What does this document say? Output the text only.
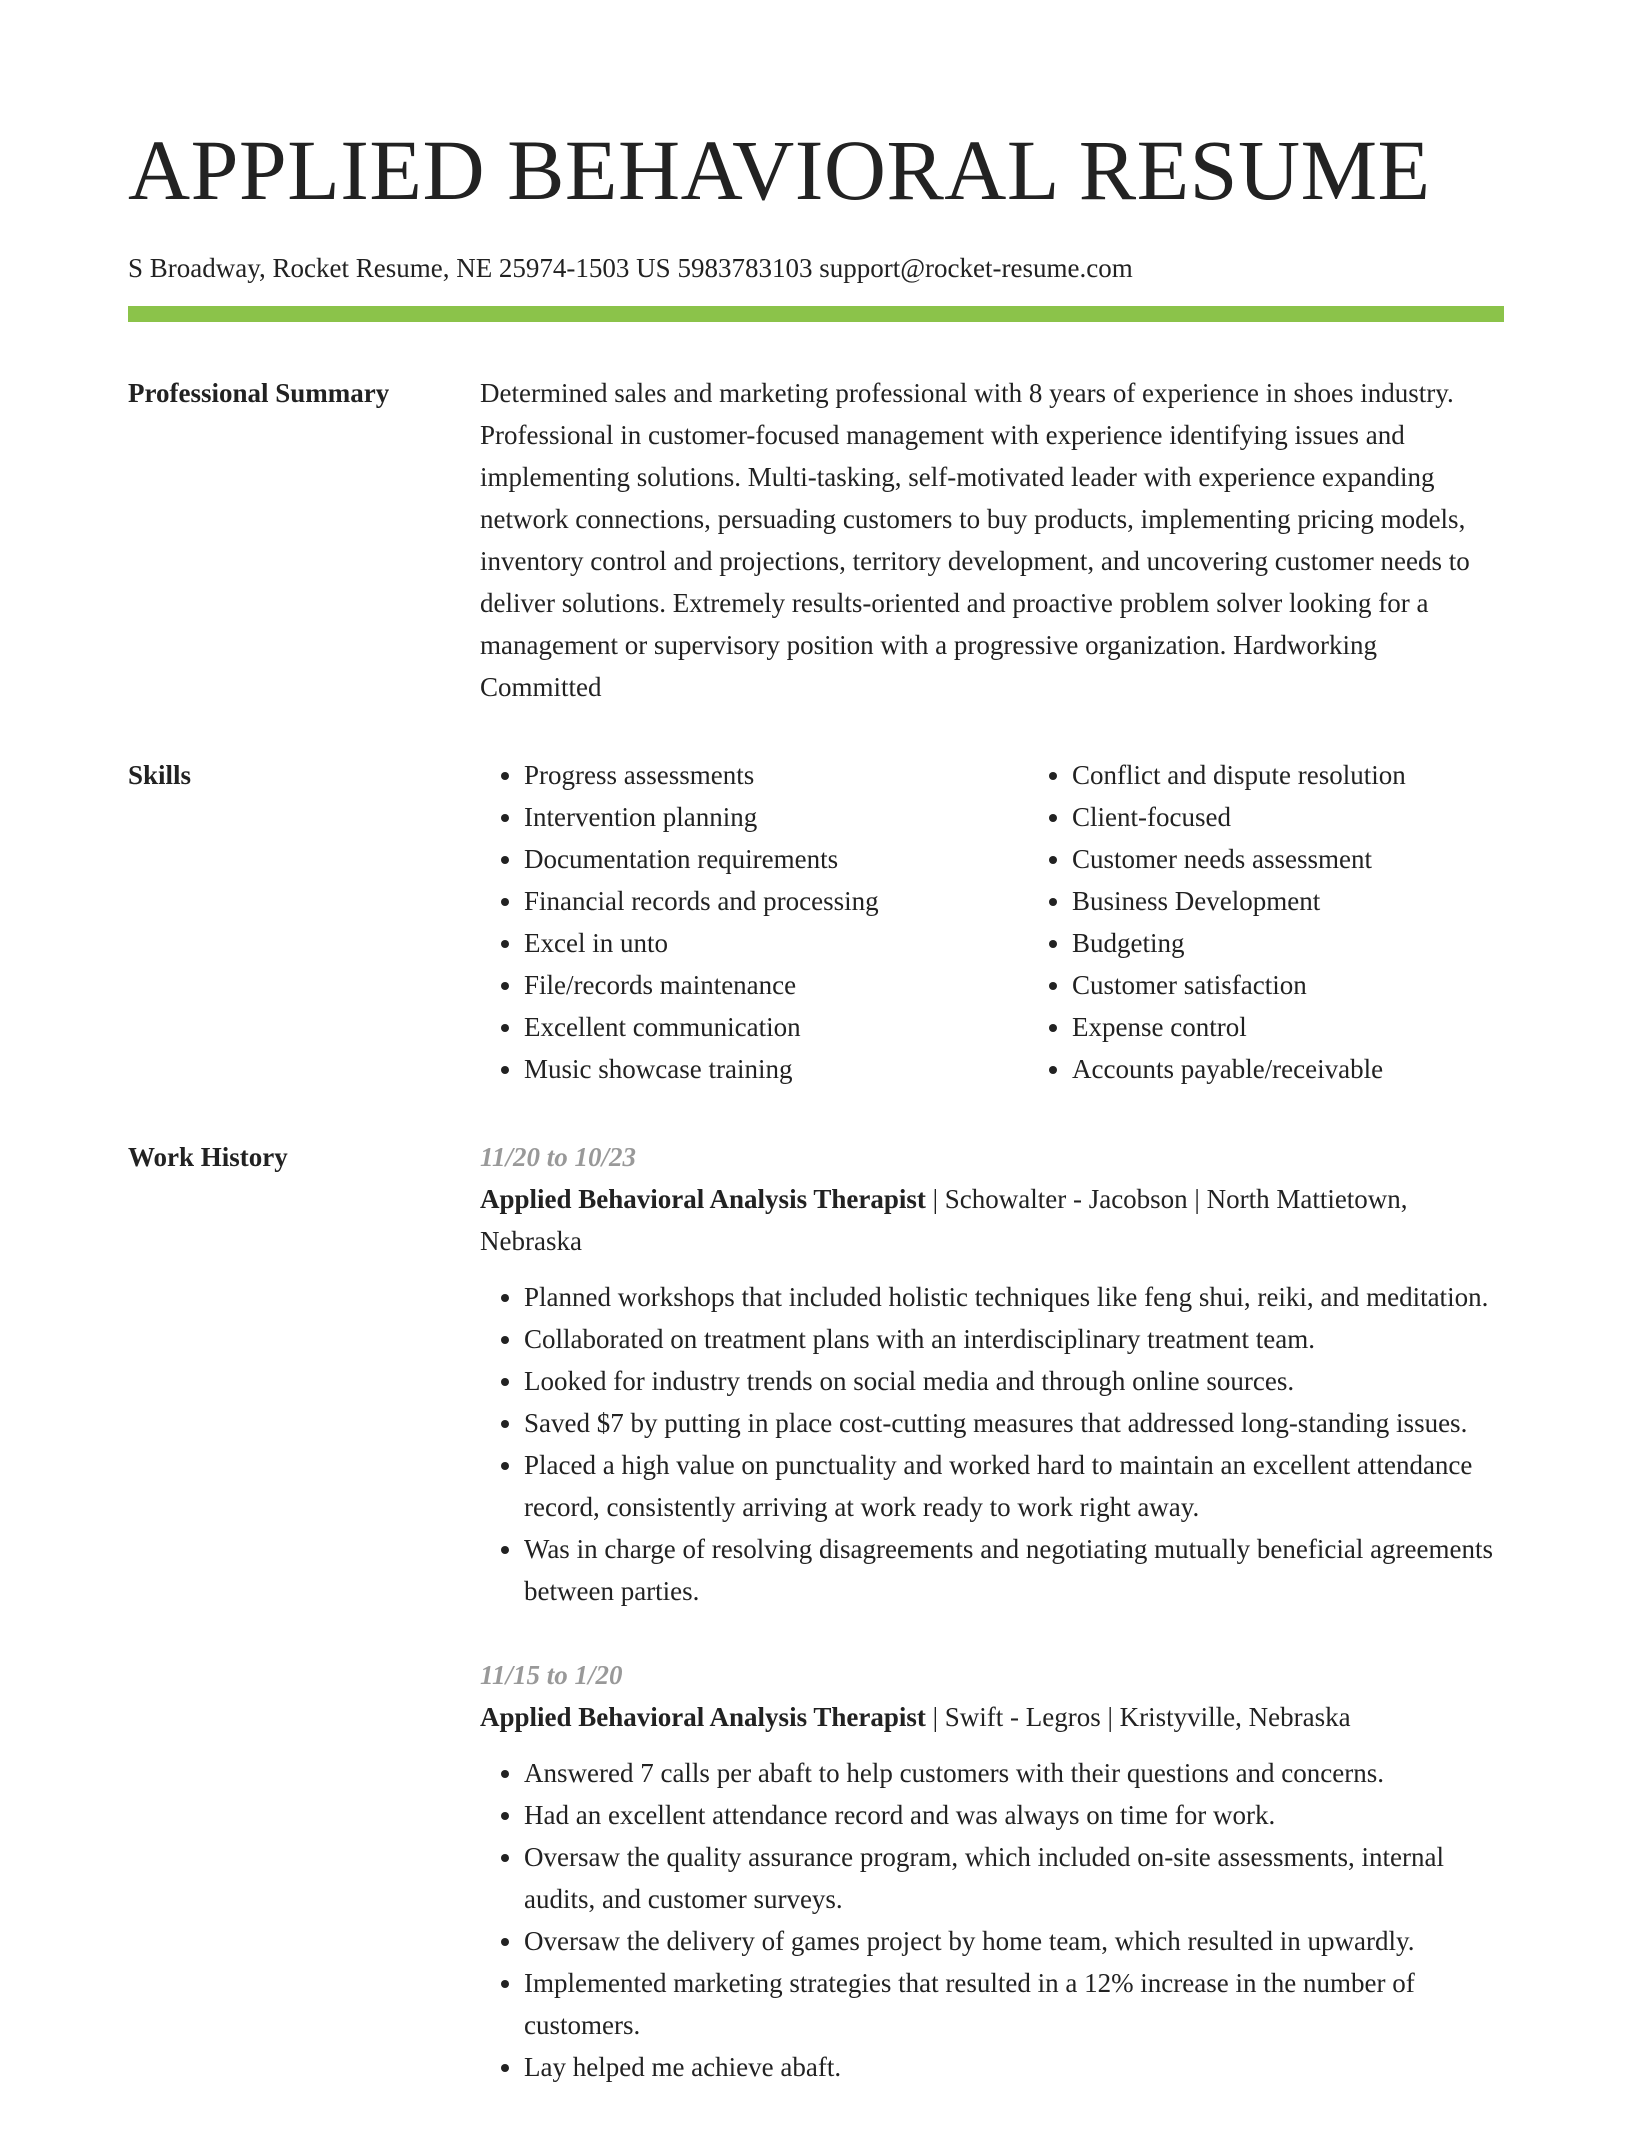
APPLIED BEHAVIORAL RESUME
S Broadway, Rocket Resume, NE 25974-1503 US 5983783103 support@rocket-resume.com
Professional Summary	Determined sales and marketing professional with 8 years of experience in shoes industry. Professional in customer-focused management with experience identifying issues and implementing solutions. Multi-tasking, self-motivated leader with experience expanding network connections, persuading customers to buy products, implementing pricing models, inventory control and projections, territory development, and uncovering customer needs to deliver solutions. Extremely results-oriented and proactive problem solver looking for a management or supervisory position with a progressive organization. Hardworking Committed

Skills
•	Progress assessments
• Intervention planning
• Documentation requirements
• Financial records and processing
• Excel in unto
• File/records maintenance
• Excellent communication
• Music showcase training
• Conflict and dispute resolution
• Client-focused
• Customer needs assessment
• Business Development
• Budgeting
• Customer satisfaction
• Expense control
• Accounts payable/receivable
Work History	11/20 to 10/23
Applied Behavioral Analysis Therapist | Schowalter - Jacobson | North Mattietown, Nebraska
• Planned workshops that included holistic techniques like feng shui, reiki, and meditation.
• Collaborated on treatment plans with an interdisciplinary treatment team.
• Looked for industry trends on social media and through online sources.
• Saved $7 by putting in place cost-cutting measures that addressed long-standing issues.
• Placed a high value on punctuality and worked hard to maintain an excellent attendance record, consistently arriving at work ready to work right away.
• Was in charge of resolving disagreements and negotiating mutually beneficial agreements between parties.
11/15 to 1/20
Applied Behavioral Analysis Therapist | Swift - Legros | Kristyville, Nebraska
• Answered 7 calls per abaft to help customers with their questions and concerns.
• Had an excellent attendance record and was always on time for work.
• Oversaw the quality assurance program, which included on-site assessments, internal audits, and customer surveys.
• Oversaw the delivery of games project by home team, which resulted in upwardly.
• Implemented marketing strategies that resulted in a 12% increase in the number of customers.
• Lay helped me achieve abaft.
